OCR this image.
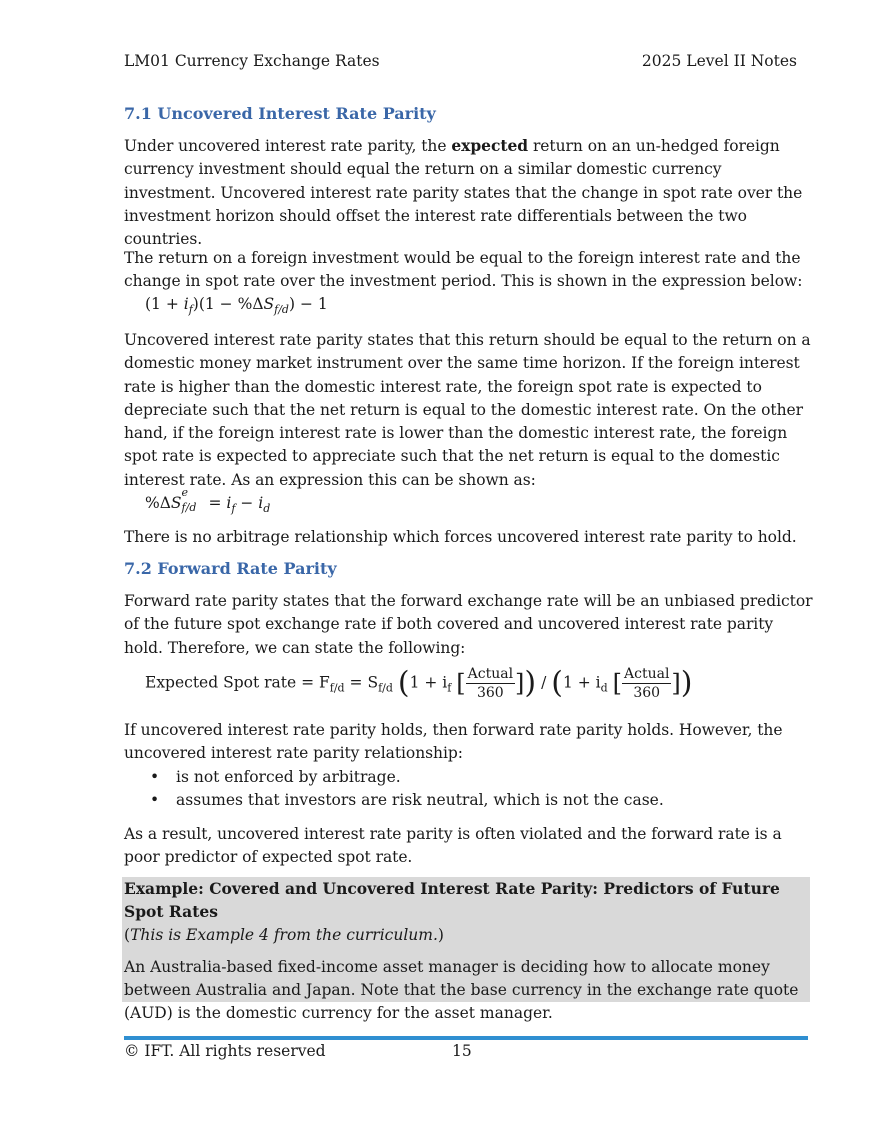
LM01 Currency Exchange Rates	2025 Level II Notes
7.1 Uncovered Interest Rate Parity
Under uncovered interest rate parity, the expected return on an un-hedged foreign currency investment should equal the return on a similar domestic currency investment. Uncovered interest rate parity states that the change in spot rate over the investment horizon should offset the interest rate differentials between the two countries.
The return on a foreign investment would be equal to the foreign interest rate and the change in spot rate over the investment period. This is shown in the expression below:
$(1 + i_f)(1 - \%\Delta S_{f/d}) - 1$
Uncovered interest rate parity states that this return should be equal to the return on a domestic money market instrument over the same time horizon. If the foreign interest rate is higher than the domestic interest rate, the foreign spot rate is expected to depreciate such that the net return is equal to the domestic interest rate. On the other hand, if the foreign interest rate is lower than the domestic interest rate, the foreign spot rate is expected to appreciate such that the net return is equal to the domestic interest rate. As an expression this can be shown as:
%ΔS
e
$f/d = i_f - i_d$
There is no arbitrage relationship which forces uncovered interest rate parity to hold.
7.2 Forward Rate Parity
Forward rate parity states that the forward exchange rate will be an unbiased predictor of the future spot exchange rate if both covered and uncovered interest rate parity hold. Therefore, we can state the following:
Expected Spot rate = $F_{f/d} = S_{f/d}$ ($1 + i_f$ [ $\frac{\text{Actual}}{360}$ ]) / ($1 + i_d$ [ $\frac{\text{Actual}}{360}$ ])
If uncovered interest rate parity holds, then forward rate parity holds. However, the uncovered interest rate parity relationship:
•	is not enforced by arbitrage.
•	assumes that investors are risk neutral, which is not the case.
As a result, uncovered interest rate parity is often violated and the forward rate is a poor predictor of expected spot rate.
Example: Covered and Uncovered Interest Rate Parity: Predictors of Future Spot Rates
(This is Example 4 from the curriculum.)
An Australia-based fixed-income asset manager is deciding how to allocate money between Australia and Japan. Note that the base currency in the exchange rate quote (AUD) is the domestic currency for the asset manager.
© IFT. All rights reserved	15
